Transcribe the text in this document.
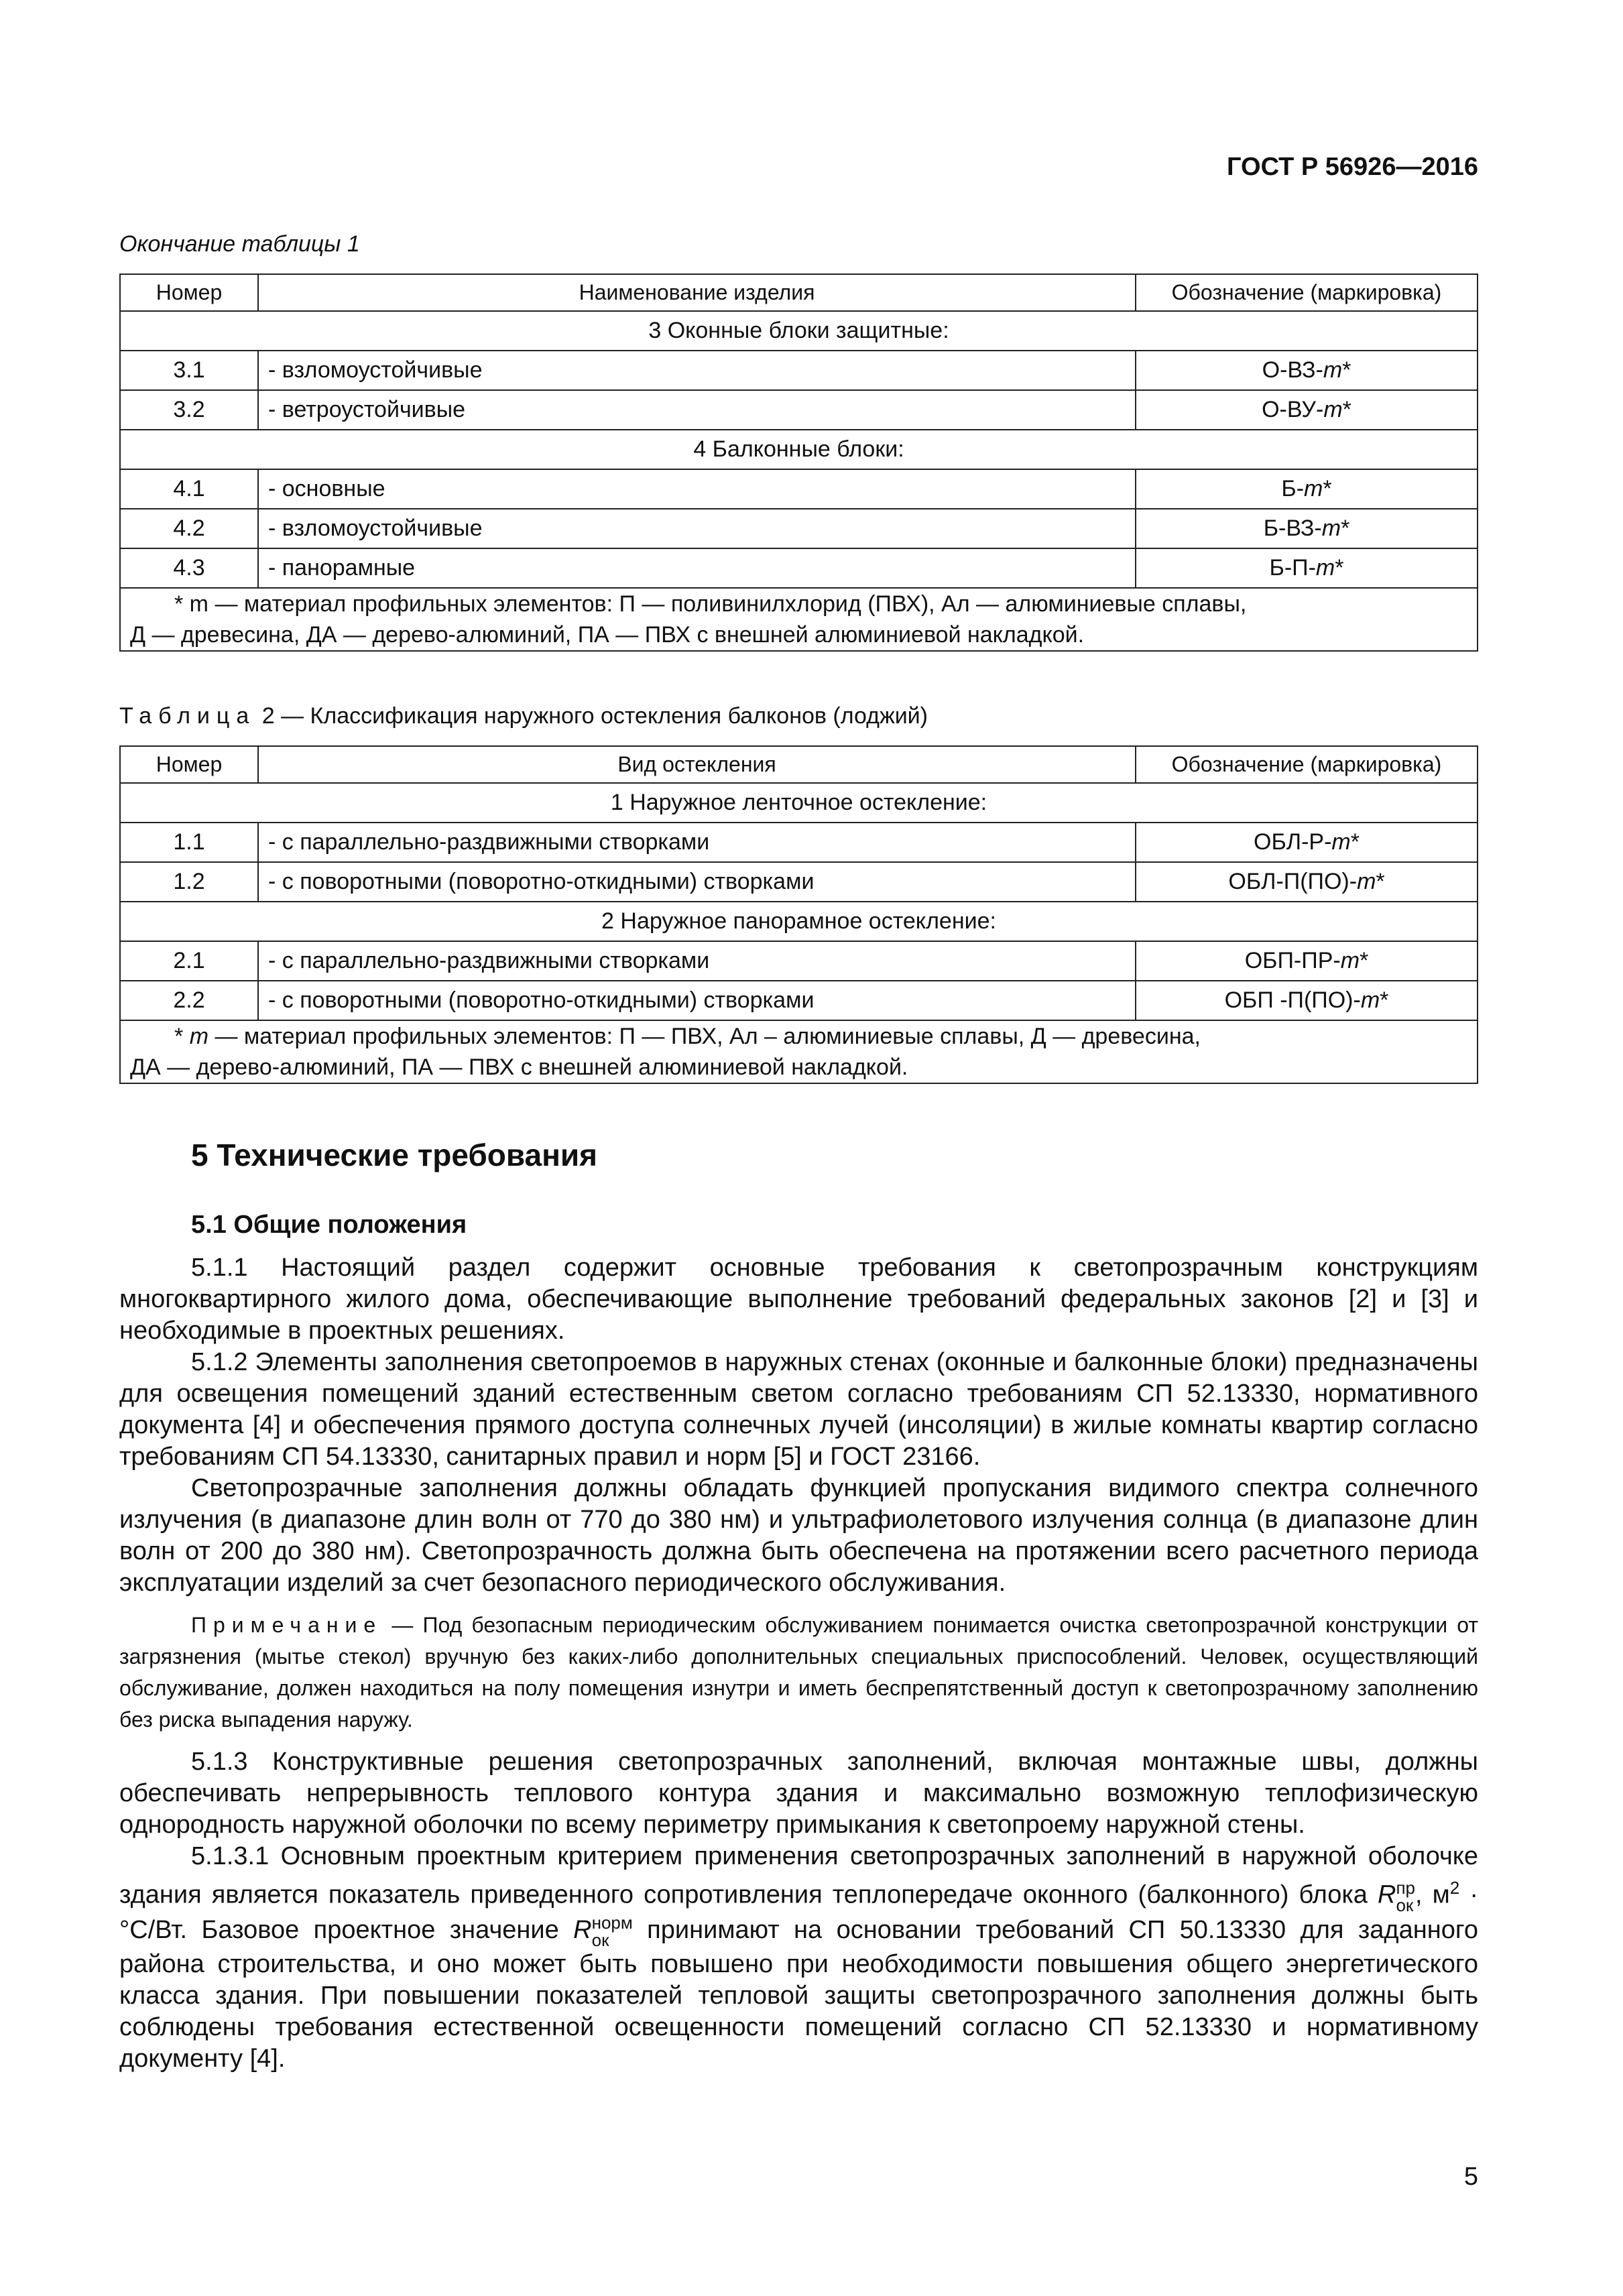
ГОСТ Р 56926—2016
Окончание таблицы 1
Номер	Наименование изделия	Обозначение (маркировка)
3 Оконные блоки защитные:		
3.1	- взломоустойчивые	О-ВЗ-m*
3.2	- ветроустойчивые	О-ВУ-m*
4 Балконные блоки:		
4.1	- основные	Б-m*
4.2	- взломоустойчивые	Б-ВЗ-m*
4.3	- панорамные	Б-П-m*

* m — материал профильных элементов: П — поливинилхлорид (ПВХ), Ал — алюминиевые сплавы,
Д — древесина, ДА — дерево-алюминий, ПА — ПВХ с внешней алюминиевой накладкой.		
Таблица 2 — Классификация наружного остекления балконов (лоджий)
Номер	Вид остекления	Обозначение (маркировка)
1 Наружное ленточное остекление:		
1.1	- с параллельно-раздвижными створками	ОБЛ-Р-m*
1.2	- с поворотными (поворотно-откидными) створками	ОБЛ-П(ПО)-m*
2 Наружное панорамное остекление:		
2.1	- с параллельно-раздвижными створками	ОБП-ПР-m*
2.2	- с поворотными (поворотно-откидными) створками	ОБП -П(ПО)-m*

* m — материал профильных элементов: П — ПВХ, Ал – алюминиевые сплавы, Д — древесина,
ДА — дерево-алюминий, ПА — ПВХ с внешней алюминиевой накладкой.		
5 Технические требования
5.1 Общие положения

5.1.1 Настоящий раздел содержит основные требования к светопрозрачным конструкциям многоквартирного жилого дома, обеспечивающие выполнение требований федеральных законов [2] и [3] и необходимые в проектных решениях.

5.1.2 Элементы заполнения светопроемов в наружных стенах (оконные и балконные блоки) предназначены для освещения помещений зданий естественным светом согласно требованиям СП 52.13330, нормативного документа [4] и обеспечения прямого доступа солнечных лучей (инсоляции) в жилые комнаты квартир согласно требованиям СП 54.13330, санитарных правил и норм [5] и ГОСТ 23166.

Светопрозрачные заполнения должны обладать функцией пропускания видимого спектра солнечного излучения (в диапазоне длин волн от 770 до 380 нм) и ультрафиолетового излучения солнца (в диапазоне длин волн от 200 до 380 нм). Светопрозрачность должна быть обеспечена на протяжении всего расчетного периода эксплуатации изделий за счет безопасного периодического обслуживания.

Примечание — Под безопасным периодическим обслуживанием понимается очистка светопрозрачной конструкции от загрязнения (мытье стекол) вручную без каких-либо дополнительных специальных приспособлений. Человек, осуществляющий обслуживание, должен находиться на полу помещения изнутри и иметь беспрепятственный доступ к светопрозрачному заполнению без риска выпадения наружу.

5.1.3 Конструктивные решения светопрозрачных заполнений, включая монтажные швы, должны обеспечивать непрерывность теплового контура здания и максимально возможную теплофизическую однородность наружной оболочки по всему периметру примыкания к светопроему наружной стены.

5.1.3.1 Основным проектным критерием применения светопрозрачных заполнений в наружной оболочке здания является показатель приведенного сопротивления теплопередаче оконного (балконного) блока R пр
ок , $м^2 \cdot ^\circ С/Вт$. Базовое проектное значение R норм
ок принимают на основании требований СП 50.13330 для заданного района строительства, и оно может быть повышено при необходимости повышения общего энергетического класса здания. При повышении показателей тепловой защиты светопрозрачного заполнения должны быть соблюдены требования естественной освещенности помещений согласно СП 52.13330 и нормативному документу [4].

5
